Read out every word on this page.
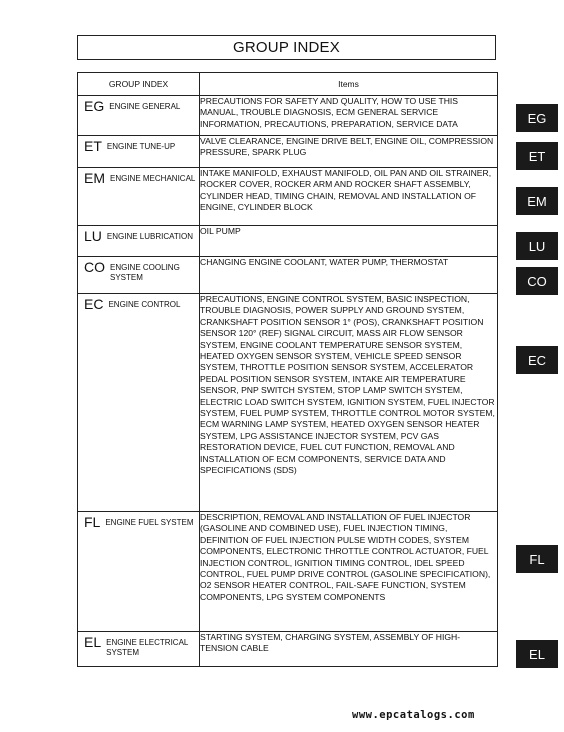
GROUP INDEX
GROUP INDEX	Items

EG ENGINE GENERAL	PRECAUTIONS FOR SAFETY AND QUALITY, HOW TO USE THIS MANUAL, TROUBLE DIAGNOSIS, ECM GENERAL SERVICE INFORMATION, PRECAUTIONS, PREPARATION, SERVICE DATA

ET ENGINE TUNE-UP	VALVE CLEARANCE, ENGINE DRIVE BELT, ENGINE OIL, COMPRESSION PRESSURE, SPARK PLUG

EM ENGINE MECHANICAL	INTAKE MANIFOLD, EXHAUST MANIFOLD, OIL PAN AND OIL STRAINER, ROCKER COVER, ROCKER ARM AND ROCKER SHAFT ASSEMBLY, CYLINDER HEAD, TIMING CHAIN, REMOVAL AND INSTALLATION OF ENGINE, CYLINDER BLOCK

LU ENGINE LUBRICATION	OIL PUMP

CO ENGINE COOLING SYSTEM	CHANGING ENGINE COOLANT, WATER PUMP, THERMOSTAT

EC ENGINE CONTROL	PRECAUTIONS, ENGINE CONTROL SYSTEM, BASIC INSPECTION, TROUBLE DIAGNOSIS, POWER SUPPLY AND GROUND SYSTEM, CRANKSHAFT POSITION SENSOR 1° (POS), CRANKSHAFT POSITION SENSOR 120° (REF) SIGNAL CIRCUIT, MASS AIR FLOW SENSOR SYSTEM, ENGINE COOLANT TEMPERATURE SENSOR SYSTEM, HEATED OXYGEN SENSOR SYSTEM, VEHICLE SPEED SENSOR SYSTEM, THROTTLE POSITION SENSOR SYSTEM, ACCELERATOR PEDAL POSITION SENSOR SYSTEM, INTAKE AIR TEMPERATURE SENSOR, PNP SWITCH SYSTEM, STOP LAMP SWITCH SYSTEM, ELECTRIC LOAD SWITCH SYSTEM, IGNITION SYSTEM, FUEL INJECTOR SYSTEM, FUEL PUMP SYSTEM, THROTTLE CONTROL MOTOR SYSTEM, ECM WARNING LAMP SYSTEM, HEATED OXYGEN SENSOR HEATER SYSTEM, LPG ASSISTANCE INJECTOR SYSTEM, PCV GAS RESTORATION DEVICE, FUEL CUT FUNCTION, REMOVAL AND INSTALLATION OF ECM COMPONENTS, SERVICE DATA AND SPECIFICATIONS (SDS)

FL ENGINE FUEL SYSTEM	DESCRIPTION, REMOVAL AND INSTALLATION OF FUEL INJECTOR (GASOLINE AND COMBINED USE), FUEL INJECTION TIMING, DEFINITION OF FUEL INJECTION PULSE WIDTH CODES, SYSTEM COMPONENTS, ELECTRONIC THROTTLE CONTROL ACTUATOR, FUEL INJECTION CONTROL, IGNITION TIMING CONTROL, IDEL SPEED CONTROL, FUEL PUMP DRIVE CONTROL (GASOLINE SPECIFICATION), O2 SENSOR HEATER CONTROL, FAIL-SAFE FUNCTION, SYSTEM COMPONENTS, LPG SYSTEM COMPONENTS

EL ENGINE ELECTRICAL SYSTEM	STARTING SYSTEM, CHARGING SYSTEM, ASSEMBLY OF HIGH-TENSION CABLE
EG
ET
EM
LU
CO
EC
FL
EL
www.epcatalogs.com
